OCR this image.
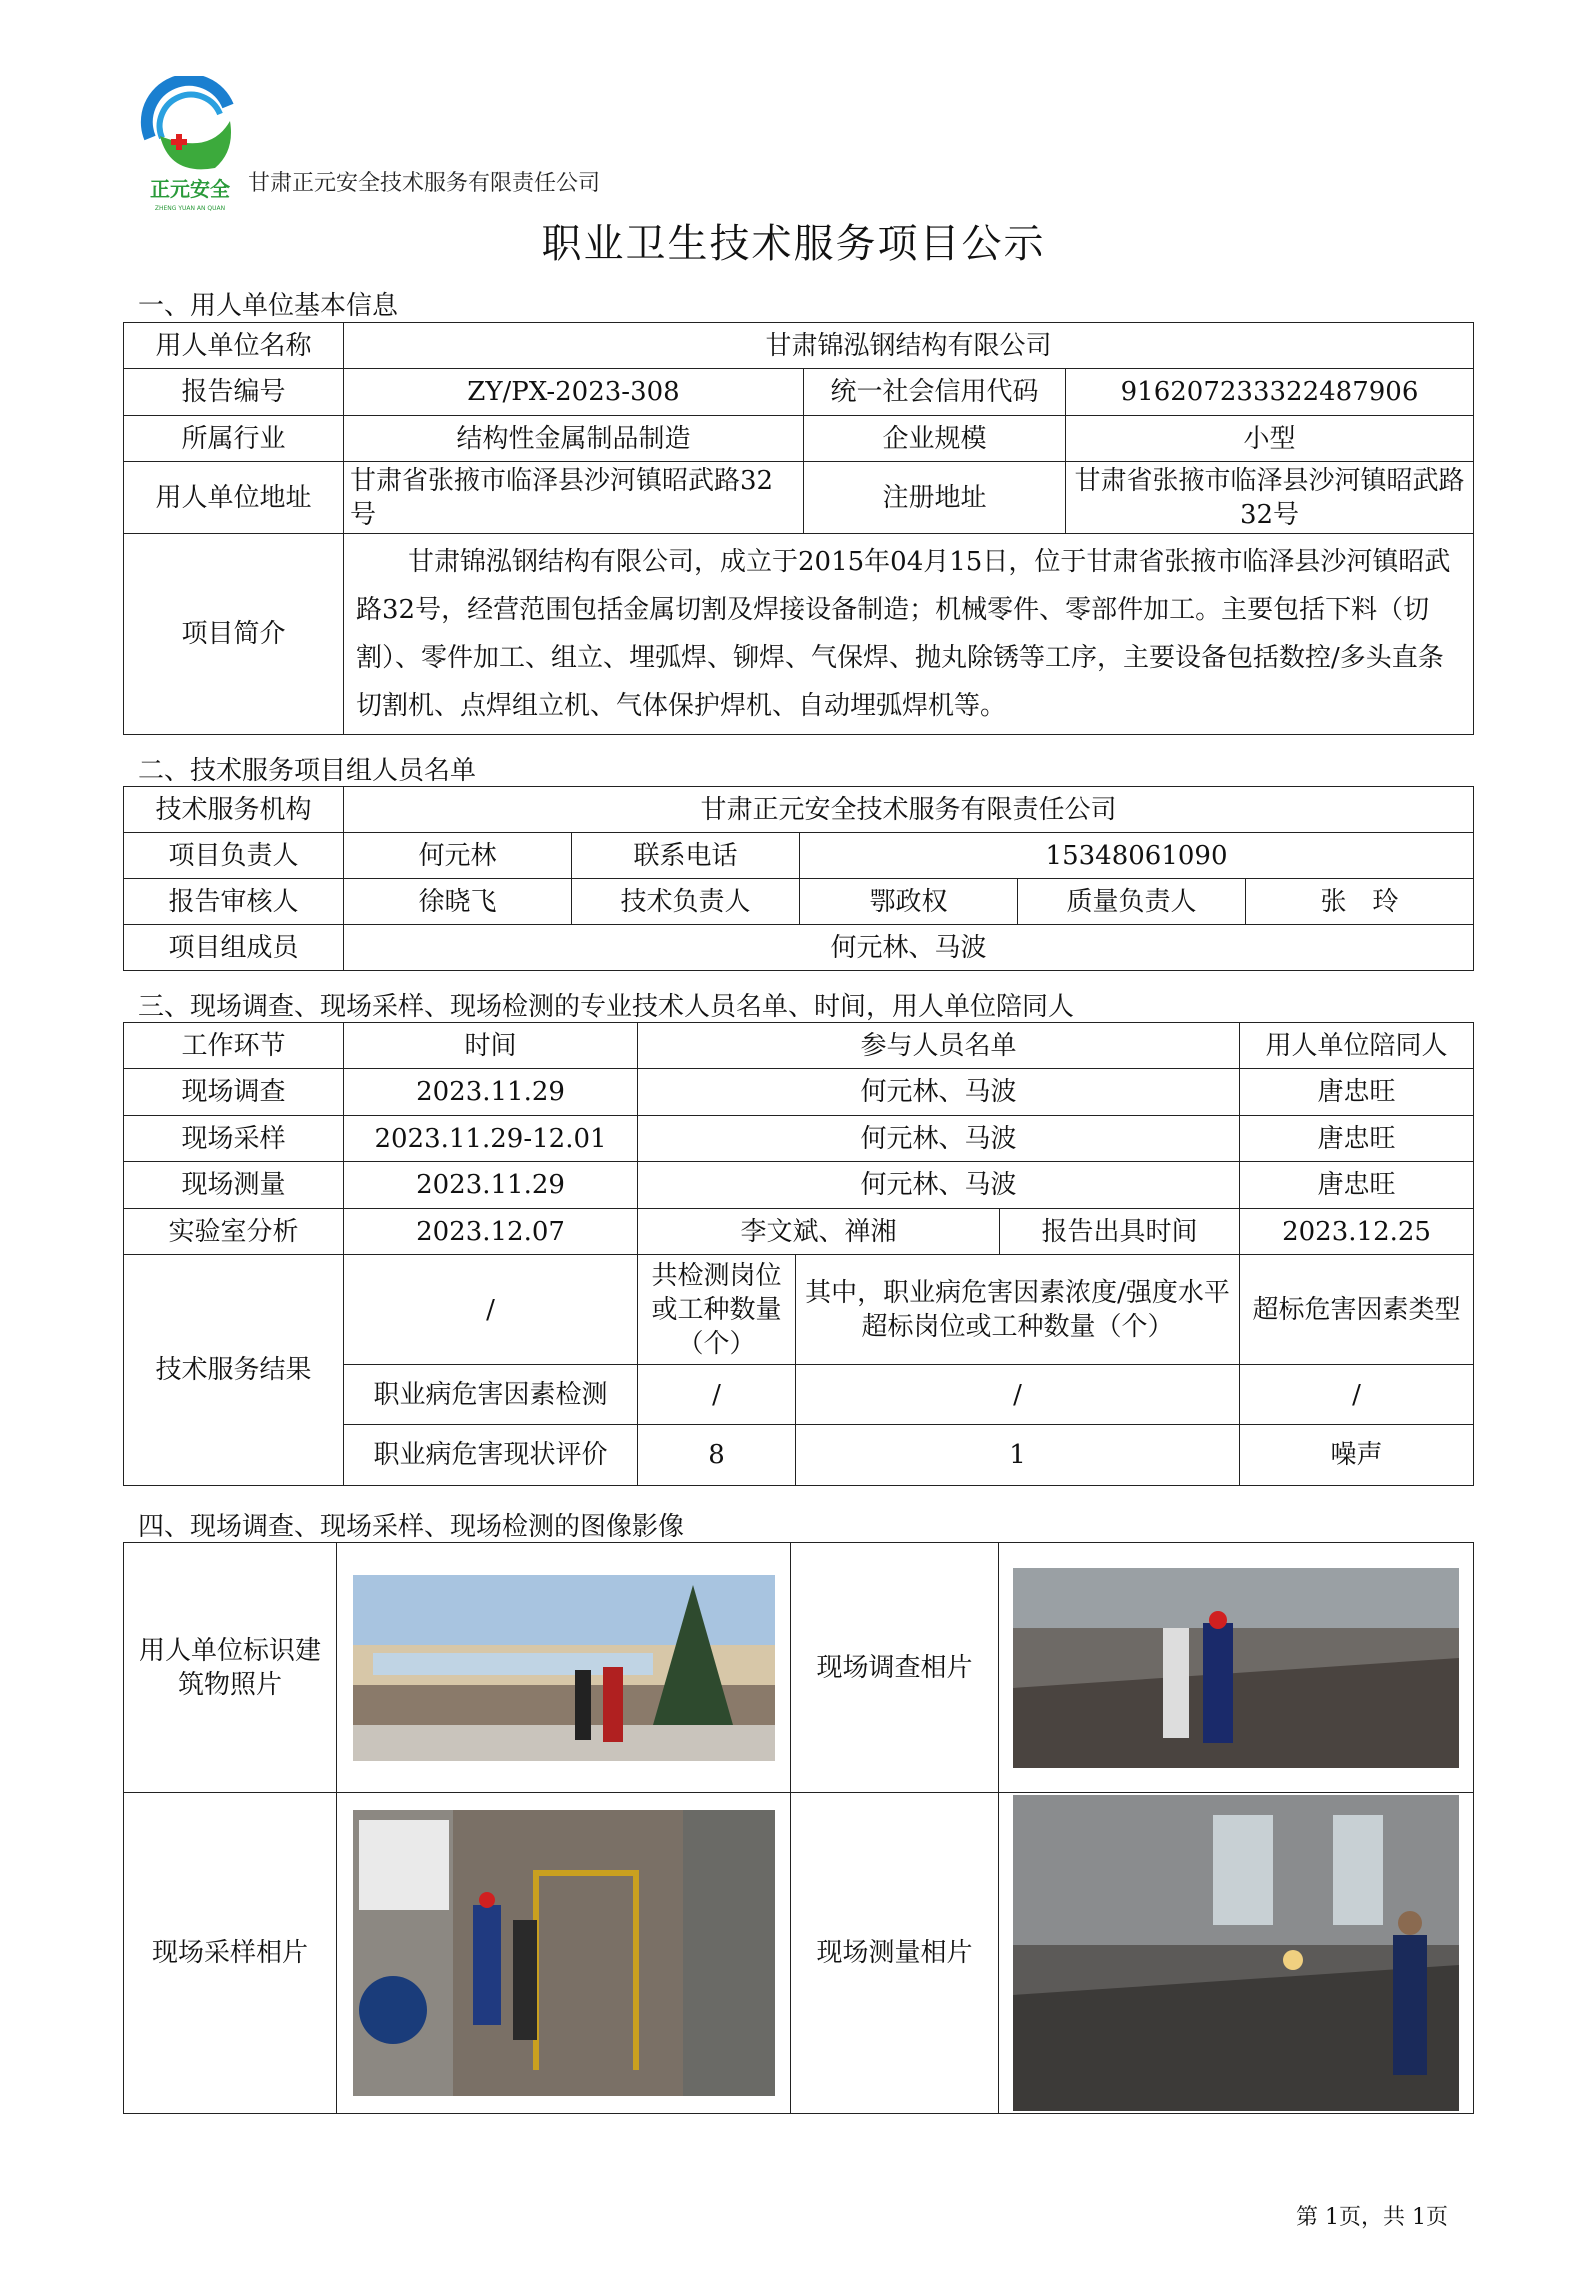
正元安全
ZHENG YUAN AN QUAN
甘肃正元安全技术服务有限责任公司
职业卫生技术服务项目公示
一、用人单位基本信息
用人单位名称	甘肃锦泓钢结构有限公司		
报告编号	ZY/PX-2023-308	统一社会信用代码	916207233322487906
所属行业	结构性金属制品制造	企业规模	小型
用人单位地址	甘肃省张掖市临泽县沙河镇昭武路32号	注册地址	甘肃省张掖市临泽县沙河镇昭武路32号
项目简介	甘肃锦泓钢结构有限公司，成立于2015年04月15日，位于甘肃省张掖市临泽县沙河镇昭武路32号，经营范围包括金属切割及焊接设备制造；机械零件、零部件加工。主要包括下料（切割）、零件加工、组立、埋弧焊、铆焊、气保焊、抛丸除锈等工序，主要设备包括数控/多头直条切割机、点焊组立机、气体保护焊机、自动埋弧焊机等。		
二、技术服务项目组人员名单
技术服务机构	甘肃正元安全技术服务有限责任公司				
项目负责人	何元林	联系电话	15348061090		
报告审核人	徐晓飞	技术负责人	鄂政权	质量负责人	张　玲
项目组成员	何元林、马波				
三、现场调查、现场采样、现场检测的专业技术人员名单、时间，用人单位陪同人
工作环节	时间	参与人员名单			用人单位陪同人
现场调查	2023.11.29	何元林、马波			唐忠旺
现场采样	2023.11.29-12.01	何元林、马波			唐忠旺
现场测量	2023.11.29	何元林、马波			唐忠旺
实验室分析	2023.12.07	李文斌、禅湘		报告出具时间	2023.12.25
技术服务结果	/	共检测岗位或工种数量（个）	其中，职业病危害因素浓度/强度水平超标岗位或工种数量（个）		超标危害因素类型
	职业病危害因素检测	/	/		/
	职业病危害现状评价	8	1		噪声
四、现场调查、现场采样、现场检测的图像影像
用人单位标识建筑物照片		现场调查相片	

现场采样相片		现场测量相片	
第 1页，共 1页
